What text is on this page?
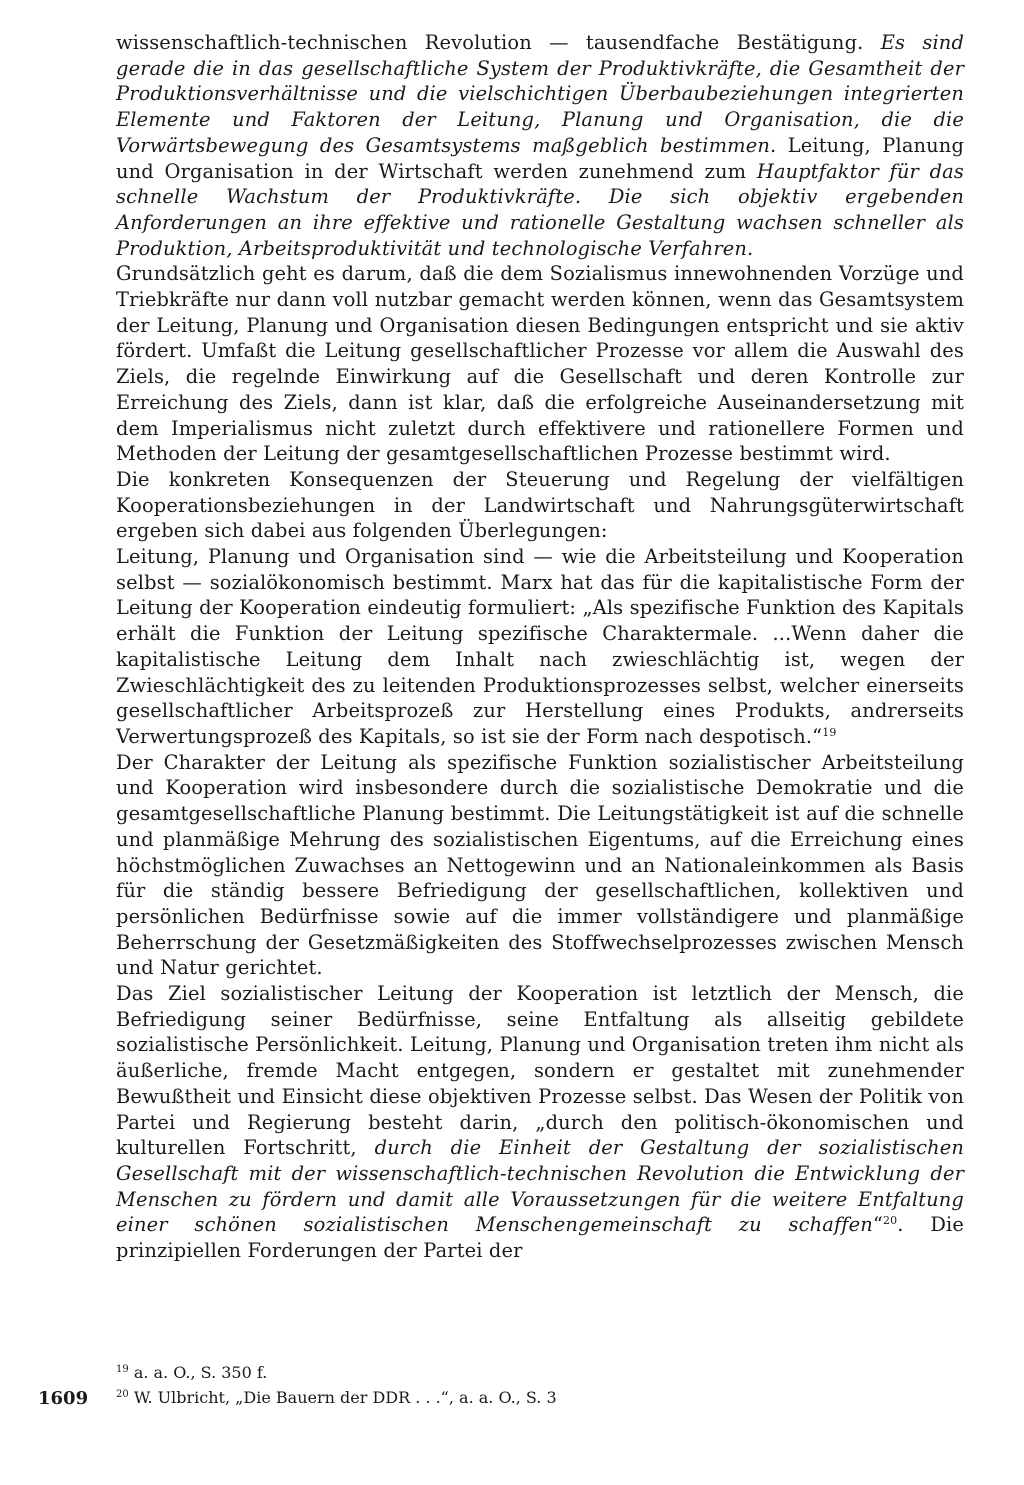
wissenschaftlich-technischen Revolution — tausendfache Bestätigung. Es sind gerade die in das gesellschaftliche System der Produktivkräfte, die Gesamtheit der Produktionsverhältnisse und die vielschichtigen Überbaubeziehungen integrierten Elemente und Faktoren der Leitung, Planung und Organisation, die die Vorwärtsbewegung des Gesamtsystems maßgeblich bestimmen. Leitung, Planung und Organisation in der Wirtschaft werden zunehmend zum Hauptfaktor für das schnelle Wachstum der Produktivkräfte. Die sich objektiv ergebenden Anforderungen an ihre effektive und rationelle Gestaltung wachsen schneller als Produktion, Arbeitsproduktivität und technologische Verfahren.

Grundsätzlich geht es darum, daß die dem Sozialismus innewohnenden Vorzüge und Triebkräfte nur dann voll nutzbar gemacht werden können, wenn das Gesamtsystem der Leitung, Planung und Organisation diesen Bedingungen entspricht und sie aktiv fördert. Umfaßt die Leitung gesellschaftlicher Prozesse vor allem die Auswahl des Ziels, die regelnde Einwirkung auf die Gesellschaft und deren Kontrolle zur Erreichung des Ziels, dann ist klar, daß die erfolgreiche Auseinandersetzung mit dem Imperialismus nicht zuletzt durch effektivere und rationellere Formen und Methoden der Leitung der gesamtgesellschaftlichen Prozesse bestimmt wird.

Die konkreten Konsequenzen der Steuerung und Regelung der vielfältigen Kooperationsbeziehungen in der Landwirtschaft und Nahrungsgüterwirtschaft ergeben sich dabei aus folgenden Überlegungen:

Leitung, Planung und Organisation sind — wie die Arbeitsteilung und Kooperation selbst — sozialökonomisch bestimmt. Marx hat das für die kapitalistische Form der Leitung der Kooperation eindeutig formuliert: „Als spezifische Funktion des Kapitals erhält die Funktion der Leitung spezifische Charaktermale. ...Wenn daher die kapitalistische Leitung dem Inhalt nach zwieschlächtig ist, wegen der Zwieschlächtigkeit des zu leitenden Produktionsprozesses selbst, welcher einerseits gesellschaftlicher Arbeitsprozeß zur Herstellung eines Produkts, andrerseits Verwertungsprozeß des Kapitals, so ist sie der Form nach despotisch.“$^{19}$

Der Charakter der Leitung als spezifische Funktion sozialistischer Arbeitsteilung und Kooperation wird insbesondere durch die sozialistische Demokratie und die gesamtgesellschaftliche Planung bestimmt. Die Leitungstätigkeit ist auf die schnelle und planmäßige Mehrung des sozialistischen Eigentums, auf die Erreichung eines höchstmöglichen Zuwachses an Nettogewinn und an Nationaleinkommen als Basis für die ständig bessere Befriedigung der gesellschaftlichen, kollektiven und persönlichen Bedürfnisse sowie auf die immer vollständigere und planmäßige Beherrschung der Gesetzmäßigkeiten des Stoffwechselprozesses zwischen Mensch und Natur gerichtet.

Das Ziel sozialistischer Leitung der Kooperation ist letztlich der Mensch, die Befriedigung seiner Bedürfnisse, seine Entfaltung als allseitig gebildete sozialistische Persönlichkeit. Leitung, Planung und Organisation treten ihm nicht als äußerliche, fremde Macht entgegen, sondern er gestaltet mit zunehmender Bewußtheit und Einsicht diese objektiven Prozesse selbst. Das Wesen der Politik von Partei und Regierung besteht darin, „durch den politisch-ökonomischen und kulturellen Fortschritt, durch die Einheit der Gestaltung der sozialistischen Gesellschaft mit der wissenschaftlich-technischen Revolution die Entwicklung der Menschen zu fördern und damit alle Voraussetzungen für die weitere Entfaltung einer schönen sozialistischen Menschengemeinschaft zu schaffen“$^{20}$. Die prinzipiellen Forderungen der Partei der

$^{19}$ a. a. O., S. 350 f.

$^{20}$ W. Ulbricht, „Die Bauern der DDR . . .“, a. a. O., S. 3

1609
